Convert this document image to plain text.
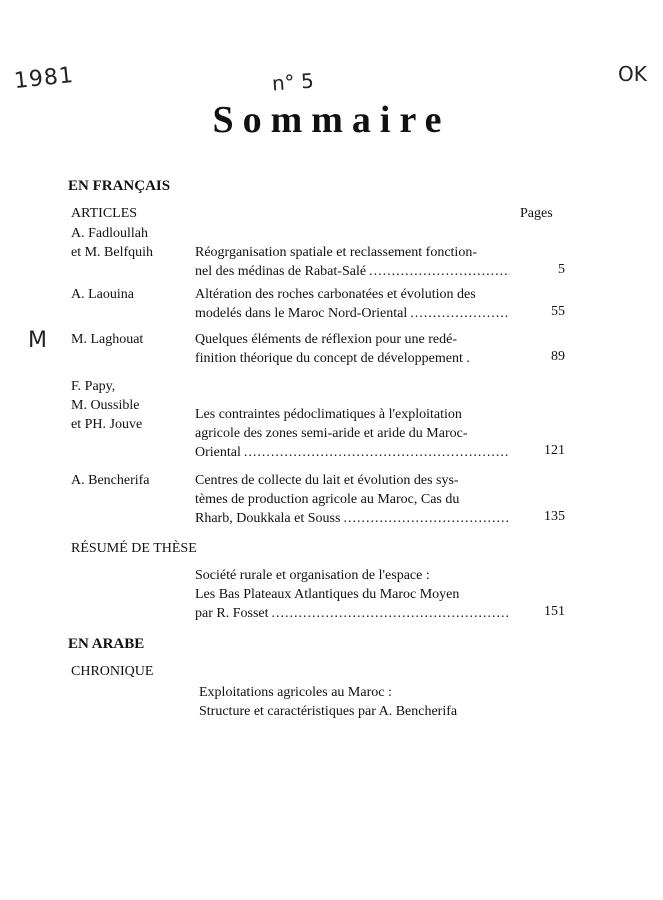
1981	n° 5	OK
M
Sommaire
EN FRANÇAIS
ARTICLES	Pages
A. Fadloullah
et M. Belfquih	Réogrganisation spatiale et reclassement fonction-
nel des médinas de Rabat-Salé .....	5
A. Laouina	Altération des roches carbonatées et évolution des
modelés dans le Maroc Nord-Oriental .....	55
M. Laghouat	Quelques éléments de réflexion pour une redé-
finition théorique du concept de développement .	89
F. Papy,
M. Oussible
et PH. Jouve
Les contraintes pédoclimatiques à l'exploitation
agricole des zones semi-aride et aride du Maroc-
Oriental .....	121
A. Bencherifa	Centres de collecte du lait et évolution des sys-
tèmes de production agricole au Maroc, Cas du
Rharb, Doukkala et Souss .....	135
RÉSUMÉ DE THÈSE
Société rurale et organisation de l'espace :
Les Bas Plateaux Atlantiques du Maroc Moyen
par R. Fosset .....	151
EN ARABE
CHRONIQUE
Exploitations agricoles au Maroc :
Structure et caractéristiques par A. Bencherifa
